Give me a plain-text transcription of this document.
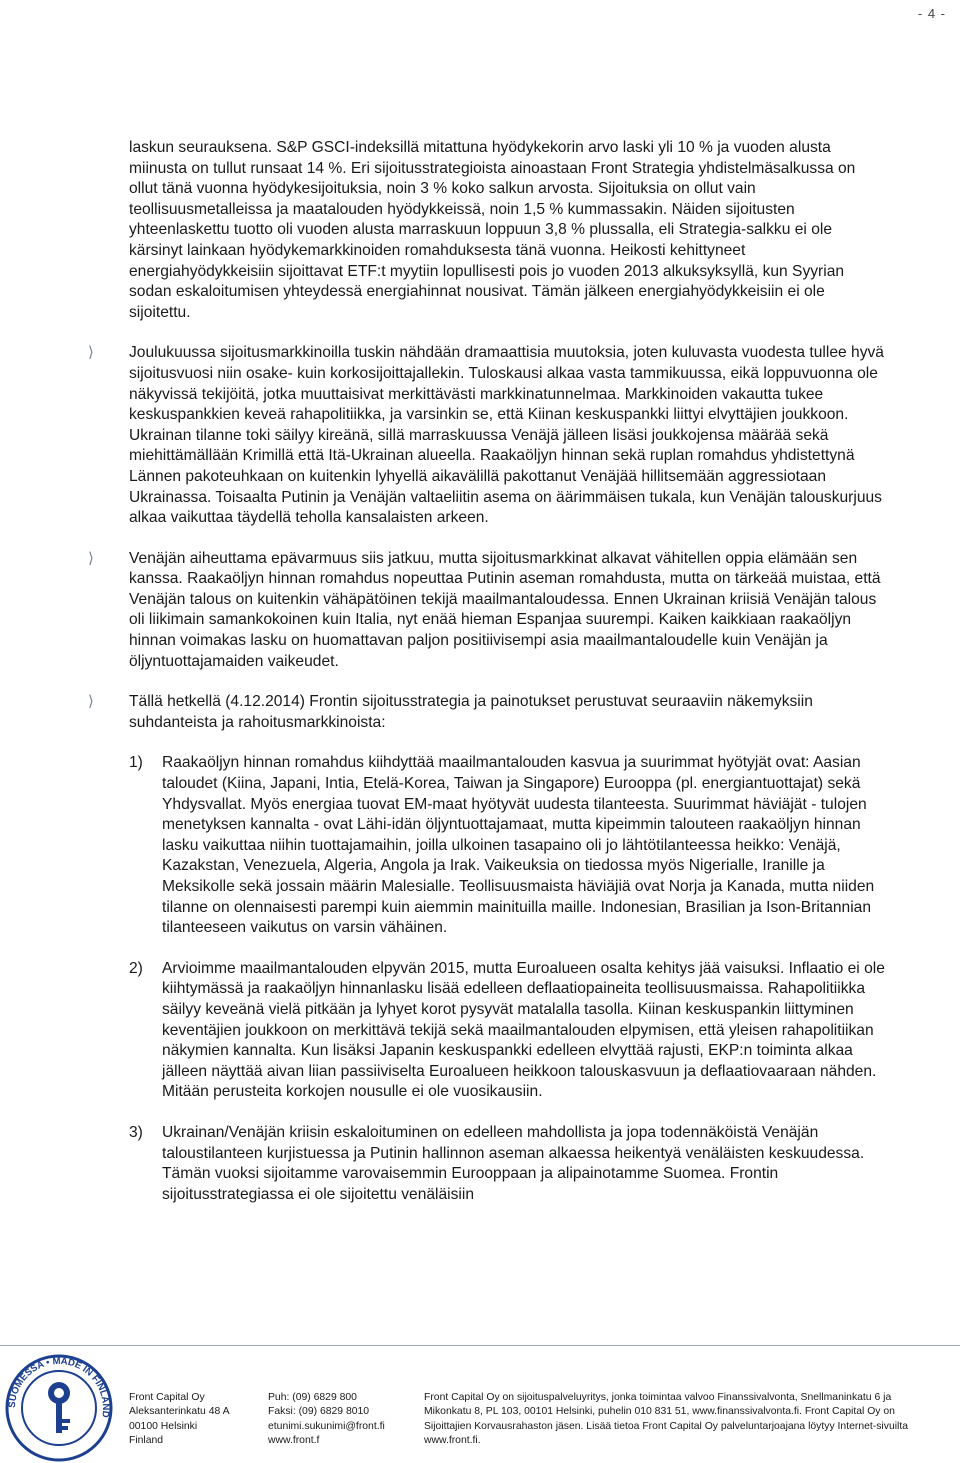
- 4 -

laskun seurauksena. S&P GSCI-indeksillä mitattuna hyödykekorin arvo laski yli 10 % ja vuoden alusta miinusta on tullut runsaat 14 %. Eri sijoitusstrategioista ainoastaan Front Strategia yhdistelmäsalkussa on ollut tänä vuonna hyödykesijoituksia, noin 3 % koko salkun arvosta. Sijoituksia on ollut vain teollisuusmetalleissa ja maatalouden hyödykkeissä, noin 1,5 % kummassakin. Näiden sijoitusten yhteenlaskettu tuotto oli vuoden alusta marraskuun loppuun 3,8 % plussalla, eli Strategia-salkku ei ole kärsinyt lainkaan hyödykemarkkinoiden romahduksesta tänä vuonna. Heikosti kehittyneet energiahyödykkeisiin sijoittavat ETF:t myytiin lopullisesti pois jo vuoden 2013 alkuksyksyllä, kun Syyrian sodan eskaloitumisen yhteydessä energiahinnat nousivat. Tämän jälkeen energiahyödykkeisiin ei ole sijoitettu.

⟩ Joulukuussa sijoitusmarkkinoilla tuskin nähdään dramaattisia muutoksia, joten kuluvasta vuodesta tullee hyvä sijoitusvuosi niin osake- kuin korkosijoittajallekin. Tuloskausi alkaa vasta tammikuussa, eikä loppuvuonna ole näkyvissä tekijöitä, jotka muuttaisivat merkittävästi markkinatunnelmaa. Markkinoiden vakautta tukee keskuspankkien keveä rahapolitiikka, ja varsinkin se, että Kiinan keskuspankki liittyi elvyttäjien joukkoon. Ukrainan tilanne toki säilyy kireänä, sillä marraskuussa Venäjä jälleen lisäsi joukkojensa määrää sekä miehittämällään Krimillä että Itä-Ukrainan alueella. Raakaöljyn hinnan sekä ruplan romahdus yhdistettynä Lännen pakoteuhkaan on kuitenkin lyhyellä aikavälillä pakottanut Venäjää hillitsemään aggressiotaan Ukrainassa. Toisaalta Putinin ja Venäjän valtaeliitin asema on äärimmäisen tukala, kun Venäjän talouskurjuus alkaa vaikuttaa täydellä teholla kansalaisten arkeen.
⟩ Venäjän aiheuttama epävarmuus siis jatkuu, mutta sijoitusmarkkinat alkavat vähitellen oppia elämään sen kanssa. Raakaöljyn hinnan romahdus nopeuttaa Putinin aseman romahdusta, mutta on tärkeää muistaa, että Venäjän talous on kuitenkin vähäpätöinen tekijä maailmantaloudessa. Ennen Ukrainan kriisiä Venäjän talous oli liikimain samankokoinen kuin Italia, nyt enää hieman Espanjaa suurempi. Kaiken kaikkiaan raakaöljyn hinnan voimakas lasku on huomattavan paljon positiivisempi asia maailmantaloudelle kuin Venäjän ja öljyntuottajamaiden vaikeudet.
⟩ Tällä hetkellä (4.12.2014) Frontin sijoitusstrategia ja painotukset perustuvat seuraaviin näkemyksiin suhdanteista ja rahoitusmarkkinoista:
1) Raakaöljyn hinnan romahdus kiihdyttää maailmantalouden kasvua ja suurimmat hyötyjät ovat: Aasian taloudet (Kiina, Japani, Intia, Etelä-Korea, Taiwan ja Singapore) Eurooppa (pl. energiantuottajat) sekä Yhdysvallat. Myös energiaa tuovat EM-maat hyötyvät uudesta tilanteesta. Suurimmat häviäjät - tulojen menetyksen kannalta - ovat Lähi-idän öljyntuottajamaat, mutta kipeimmin talouteen raakaöljyn hinnan lasku vaikuttaa niihin tuottajamaihin, joilla ulkoinen tasapaino oli jo lähtötilanteessa heikko: Venäjä, Kazakstan, Venezuela, Algeria, Angola ja Irak. Vaikeuksia on tiedossa myös Nigerialle, Iranille ja Meksikolle sekä jossain määrin Malesialle. Teollisuusmaista häviäjiä ovat Norja ja Kanada, mutta niiden tilanne on olennaisesti parempi kuin aiemmin mainituilla maille. Indonesian, Brasilian ja Ison-Britannian tilanteeseen vaikutus on varsin vähäinen.
2) Arvioimme maailmantalouden elpyvän 2015, mutta Euroalueen osalta kehitys jää vaisuksi. Inflaatio ei ole kiihtymässä ja raakaöljyn hinnanlasku lisää edelleen deflaatiopaineita teollisuusmaissa. Rahapolitiikka säilyy keveänä vielä pitkään ja lyhyet korot pysyvät matalalla tasolla. Kiinan keskuspankin liittyminen keventäjien joukkoon on merkittävä tekijä sekä maailmantalouden elpymisen, että yleisen rahapolitiikan näkymien kannalta. Kun lisäksi Japanin keskuspankki edelleen elvyttää rajusti, EKP:n toiminta alkaa jälleen näyttää aivan liian passiiviselta Euroalueen heikkoon talouskasvuun ja deflaatiovaaraan nähden. Mitään perusteita korkojen nousulle ei ole vuosikausiin.
3) Ukrainan/Venäjän kriisin eskaloituminen on edelleen mahdollista ja jopa todennäköistä Venäjän taloustilanteen kurjistuessa ja Putinin hallinnon aseman alkaessa heikentyä venäläisten keskuudessa. Tämän vuoksi sijoitamme varovaisemmin Eurooppaan ja alipainotamme Suomea. Frontin sijoitusstrategiassa ei ole sijoitettu venäläisiin
SUOMESSA • MADE IN FINLAND
Front Capital Oy
Aleksanterinkatu 48 A
00100 Helsinki
Finland
Puh: (09) 6829 800
Faksi: (09) 6829 8010
etunimi.sukunimi@front.fi
www.front.f
Front Capital Oy on sijoituspalveluyritys, jonka toimintaa valvoo Finanssivalvonta, Snellmaninkatu 6 ja
Mikonkatu 8, PL 103, 00101 Helsinki, puhelin 010 831 51, www.finanssivalvonta.fi. Front Capital Oy on
Sijoittajien Korvausrahaston jäsen. Lisää tietoa Front Capital Oy palveluntarjoajana löytyy Internet-sivuilta
www.front.fi.
